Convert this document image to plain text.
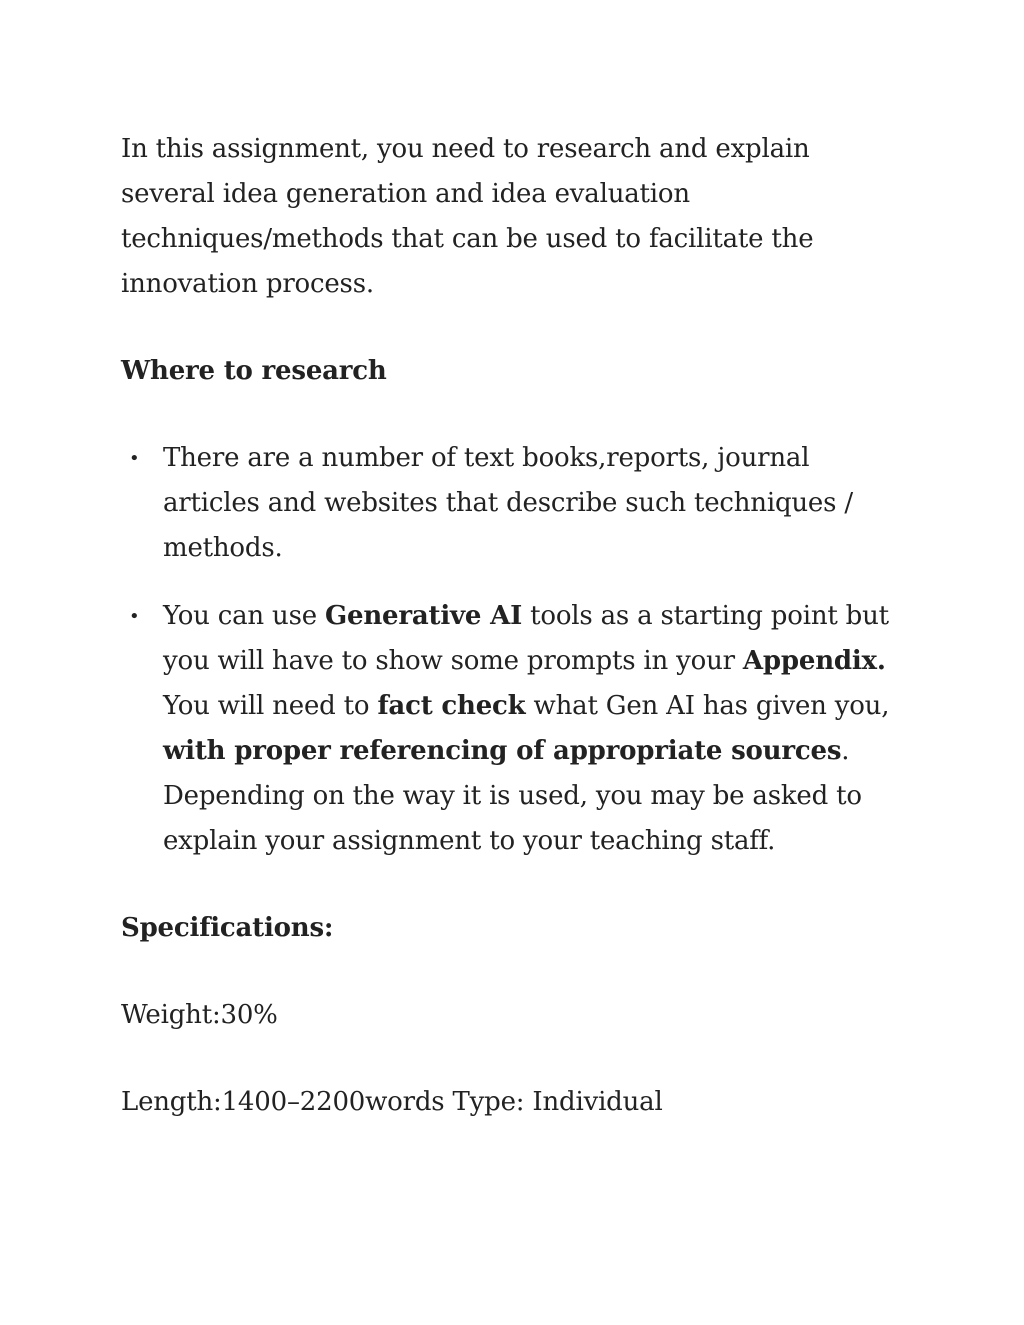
In this assignment, you need to research and explain several idea generation and idea evaluation techniques/methods that can be used to facilitate the innovation process.

Where to research
• There are a number of text books,reports, journal articles and websites that describe such techniques / methods.
• You can use Generative AI tools as a starting point but you will have to show some prompts in your Appendix. You will need to fact check what Gen AI has given you, with proper referencing of appropriate sources. Depending on the way it is used, you may be asked to explain your assignment to your teaching staff.
Specifications:

Weight:30%

Length:1400–2200words Type: Individual
